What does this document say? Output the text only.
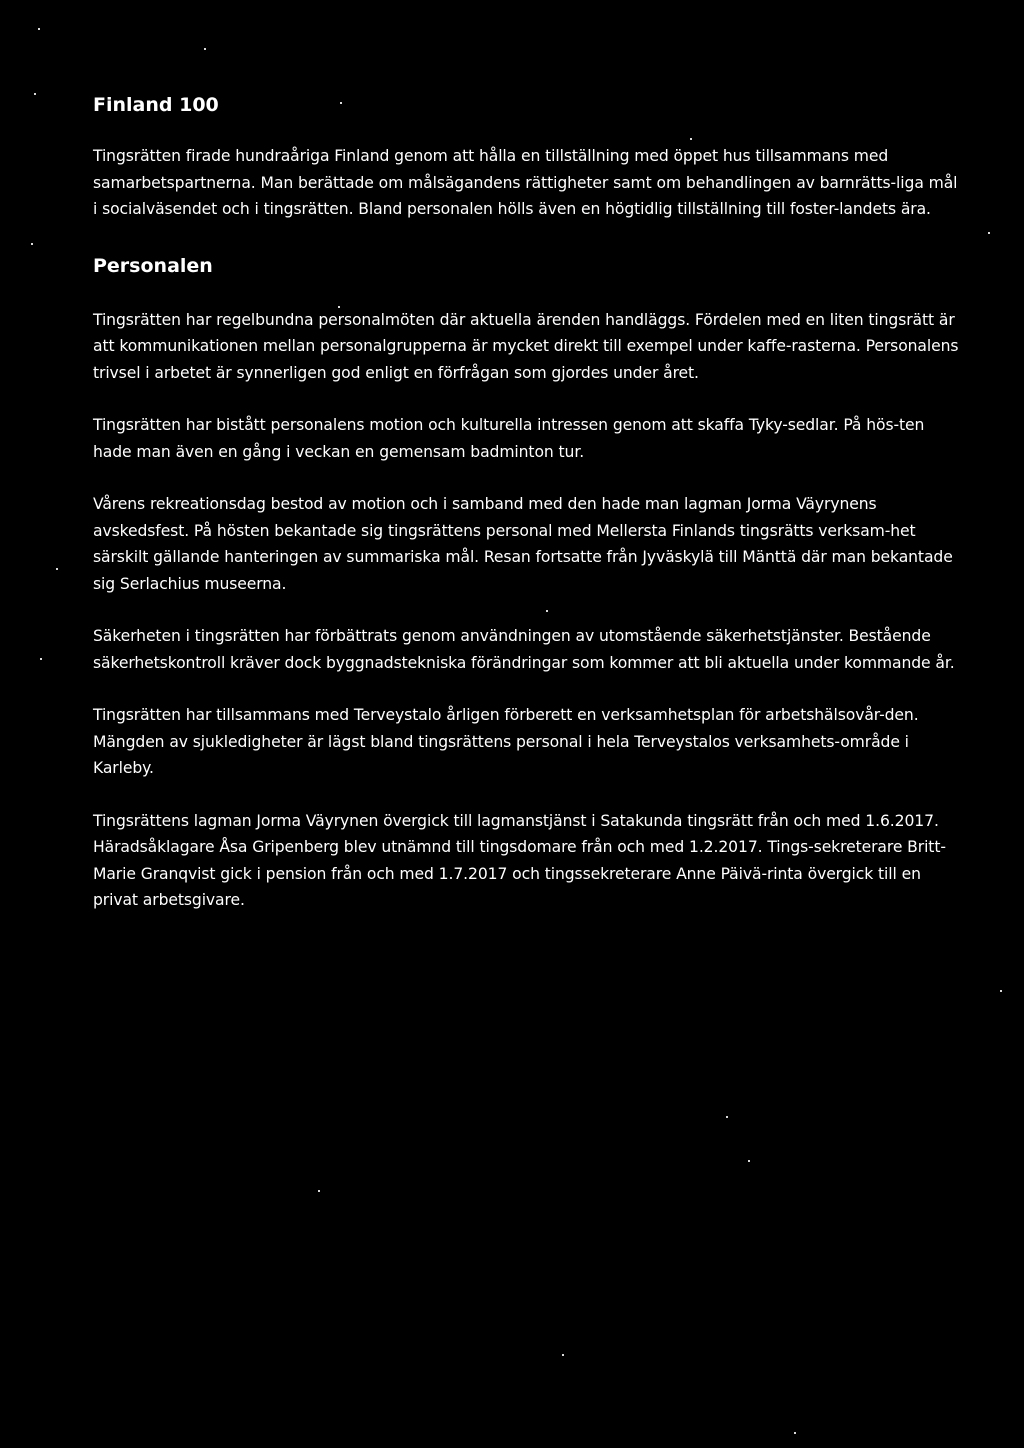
Finland 100

Tingsrätten firade hundraåriga Finland genom att hålla en tillställning med öppet hus tillsammans med samarbetspartnerna. Man berättade om målsägandens rättigheter samt om behandlingen av barnrätts-liga mål i socialväsendet och i tingsrätten. Bland personalen hölls även en högtidlig tillställning till foster-landets ära.

Personalen

Tingsrätten har regelbundna personalmöten där aktuella ärenden handläggs. Fördelen med en liten tingsrätt är att kommunikationen mellan personalgrupperna är mycket direkt till exempel under kaffe-rasterna. Personalens trivsel i arbetet är synnerligen god enligt en förfrågan som gjordes under året.

Tingsrätten har bistått personalens motion och kulturella intressen genom att skaffa Tyky-sedlar. På hös-ten hade man även en gång i veckan en gemensam badminton tur.

Vårens rekreationsdag bestod av motion och i samband med den hade man lagman Jorma Väyrynens avskedsfest. På hösten bekantade sig tingsrättens personal med Mellersta Finlands tingsrätts verksam-het särskilt gällande hanteringen av summariska mål. Resan fortsatte från Jyväskylä till Mänttä där man bekantade sig Serlachius museerna.

Säkerheten i tingsrätten har förbättrats genom användningen av utomstående säkerhetstjänster. Bestående säkerhetskontroll kräver dock byggnadstekniska förändringar som kommer att bli aktuella under kommande år.

Tingsrätten har tillsammans med Terveystalo årligen förberett en verksamhetsplan för arbetshälsovår-den. Mängden av sjukledigheter är lägst bland tingsrättens personal i hela Terveystalos verksamhets-område i Karleby.

Tingsrättens lagman Jorma Väyrynen övergick till lagmanstjänst i Satakunda tingsrätt från och med 1.6.2017. Häradsåklagare Åsa Gripenberg blev utnämnd till tingsdomare från och med 1.2.2017. Tings-sekreterare Britt-Marie Granqvist gick i pension från och med 1.7.2017 och tingssekreterare Anne Päivä-rinta övergick till en privat arbetsgivare.
